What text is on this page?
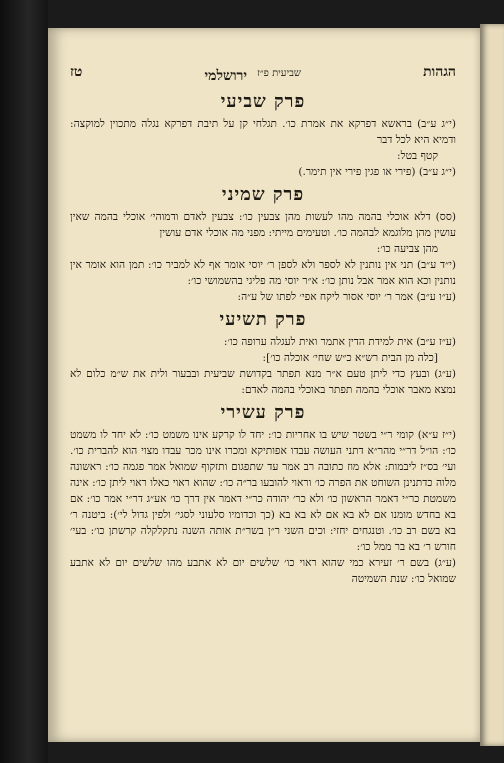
הגהות
שביעית פ״ז
ירושלמי
טז
פרק שביעי

(י״ג ע״ב) בראשא דפרקא את אמרת כו׳. תגלחי קן על תיבת דפרקא נגלה מתכוין למוקצה: ודמיא היא לכל דבר

קטף בטל:

(י״ג ע״ב) (פירי או פגין פירי אין תימר.)

פרק שמיני

(סס) דלא אוכלי בהמה מהו לעשות מהן צבעין כו׳: צבעין לאדם ודמוהי׳ אוכלי בהמה שאין עושין מהן מלוגמא לבהמה כו׳. וטעימים מייתי: מפני מה אוכלי אדם עושין

מהן צביעה כו׳:

(י״ד ע״ב) תני אין נותנין לא לספר ולא לספן ר׳ יוסי אומר אף לא למביר כו׳: תמן הוא אומר אין נותנין וכא הוא אמר אבל נותן כו׳: א״ר יוסי מה פליגי בהשמושי כו׳:

(ע״ו ע״ב) אמר ר׳ יוסי אסור ליקח אפי׳ לפתו של ע״ה:

פרק תשיעי

(ע״ז ע״ב) אית למידת הדין אתמר ואית לעגלה ערופה כו׳:

[כלה מן הבית רש״א כ״ש שחי׳ אוכלה כו׳]:

(ע״ג) ובעץ כדי ליתן טעם א״ר מנא תפתר בקדושת שביעית ובבעור ולית את ש״מ כלום לא נמצא מאבר אוכלי בהמה תפתר באוכלי בהמה לאדם:

פרק עשירי

(י״ז ע״א) קומי ר״י בשטר שיש בו אחריות כו׳: יחד לו קרקע אינו משמט כו׳: לא יחד לו משמט כו׳: הו״ל דר״י מהר״א דתני העושה עבדו אפותיקא ומכרו אינו מכר עבדו מצוי הוא להברית כו׳. ועי׳ בס״ז ליבמות: אלא מוז כתובה רב אמר עד שתפגום ותזקוף שמואל אמר פגמה כו׳: ראשונה מלוה כדתנינן השוחט את הפרה כו׳ וראוי להובעו בר״ה כו׳: שהוא ראוי כאלו ראוי ליתן כו׳: אינה משמטת כר״י דאמר הראשון כו׳ ולא כר׳ יהודה כר״י דאמר אין דרך כו׳ אע״ג דר״י אמר כו׳: אם בא בחדש מומנו אם לא בא אם לא בא בא (כך וכדומיו סלעוני לסגי׳ ולפין גדול לי׳): ביטנה ר׳ בא בשם רב כו׳. וטנגחים יחזי: וכים השני ר״ן בשר״ת אותה השנה נתקלקלה קרשתן כו׳: בעי׳ חורש ר׳ בא בר ממל כו׳:

(ע״ג) בשם ר׳ זעירא כמי שהוא ראוי כו׳ שלשים יום לא אתבע מהו שלשים יום לא אתבע שמואל כו׳: שנת השמיטה
